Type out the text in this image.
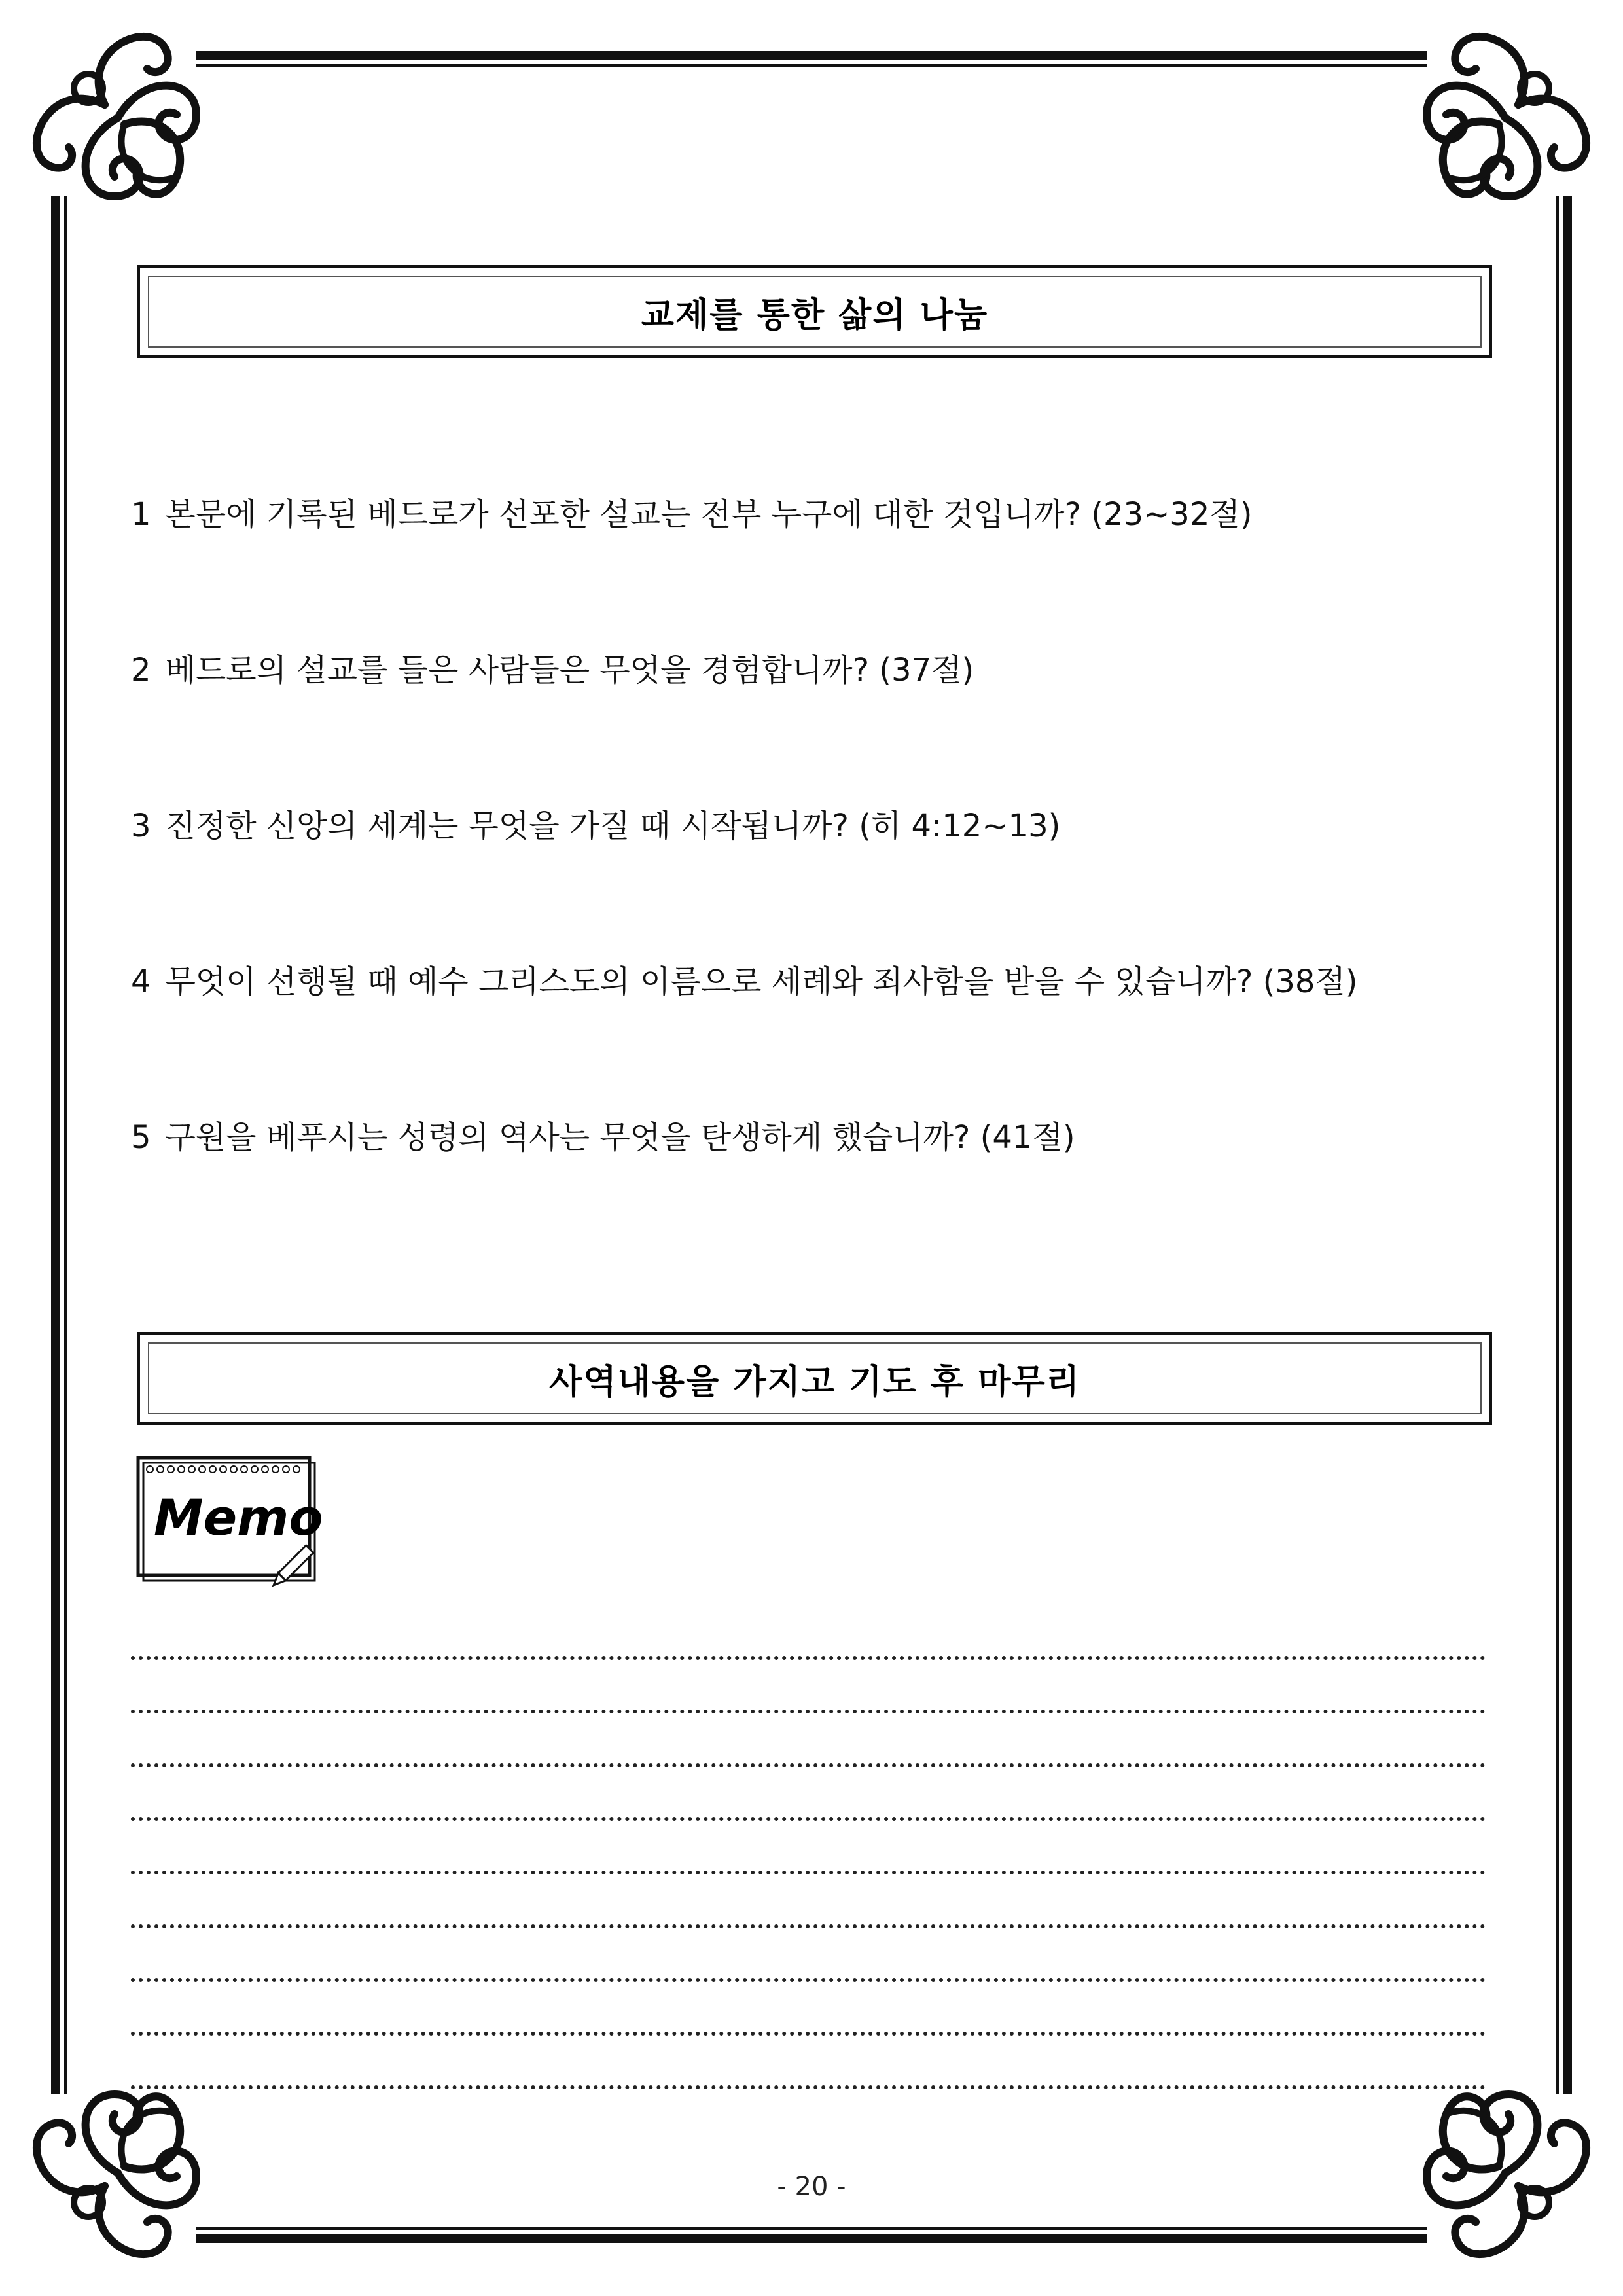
교제를 통한 삶의 나눔
1 본문에 기록된 베드로가 선포한 설교는 전부 누구에 대한 것입니까? (23~32절)
2 베드로의 설교를 들은 사람들은 무엇을 경험합니까? (37절)
3 진정한 신앙의 세계는 무엇을 가질 때 시작됩니까? (히 4:12~13)
4 무엇이 선행될 때 예수 그리스도의 이름으로 세례와 죄사함을 받을 수 있습니까? (38절)
5 구원을 베푸시는 성령의 역사는 무엇을 탄생하게 했습니까? (41절)
사역내용을 가지고 기도 후 마무리
Memo
- 20 -
